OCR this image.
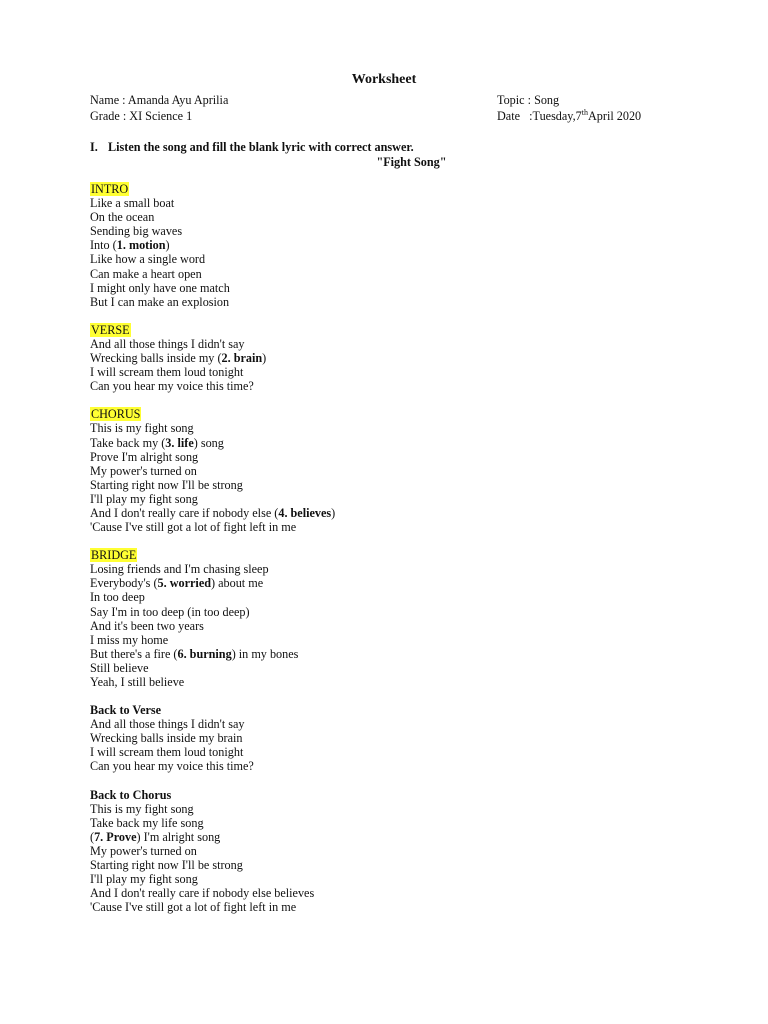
Worksheet
Name : Amanda Ayu Aprilia
Grade : XI Science 1
Topic : Song
Date   :Tuesday,7thApril 2020
I. Listen the song and fill the blank lyric with correct answer.
"Fight Song"
INTRO
Like a small boat
On the ocean
Sending big waves
Into (1. motion)
Like how a single word
Can make a heart open
I might only have one match
But I can make an explosion
VERSE
And all those things I didn't say
Wrecking balls inside my (2. brain)
I will scream them loud tonight
Can you hear my voice this time?
CHORUS
This is my fight song
Take back my (3. life) song
Prove I'm alright song
My power's turned on
Starting right now I'll be strong
I'll play my fight song
And I don't really care if nobody else (4. believes)
'Cause I've still got a lot of fight left in me
BRIDGE
Losing friends and I'm chasing sleep
Everybody's (5. worried) about me
In too deep
Say I'm in too deep (in too deep)
And it's been two years
I miss my home
But there's a fire (6. burning) in my bones
Still believe
Yeah, I still believe
Back to Verse
And all those things I didn't say
Wrecking balls inside my brain
I will scream them loud tonight
Can you hear my voice this time?
Back to Chorus
This is my fight song
Take back my life song
(7. Prove) I'm alright song
My power's turned on
Starting right now I'll be strong
I'll play my fight song
And I don't really care if nobody else believes
'Cause I've still got a lot of fight left in me
